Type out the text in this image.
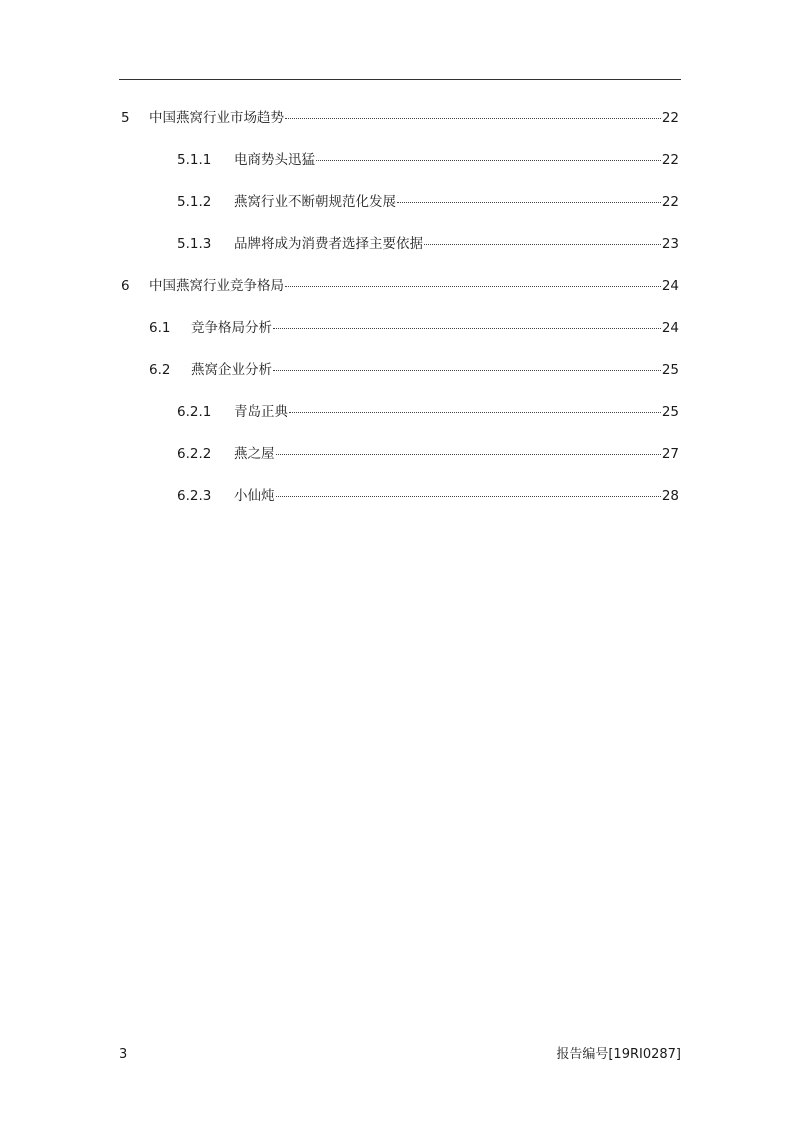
5	中国燕窝行业市场趋势	22
5.1.1	电商势头迅猛	22
5.1.2	燕窝行业不断朝规范化发展	22
5.1.3	品牌将成为消费者选择主要依据	23
6	中国燕窝行业竞争格局	24
6.1	竞争格局分析	24
6.2	燕窝企业分析	25
6.2.1	青岛正典	25
6.2.2	燕之屋	27
6.2.3	小仙炖	28
3	报告编号[19RI0287]
